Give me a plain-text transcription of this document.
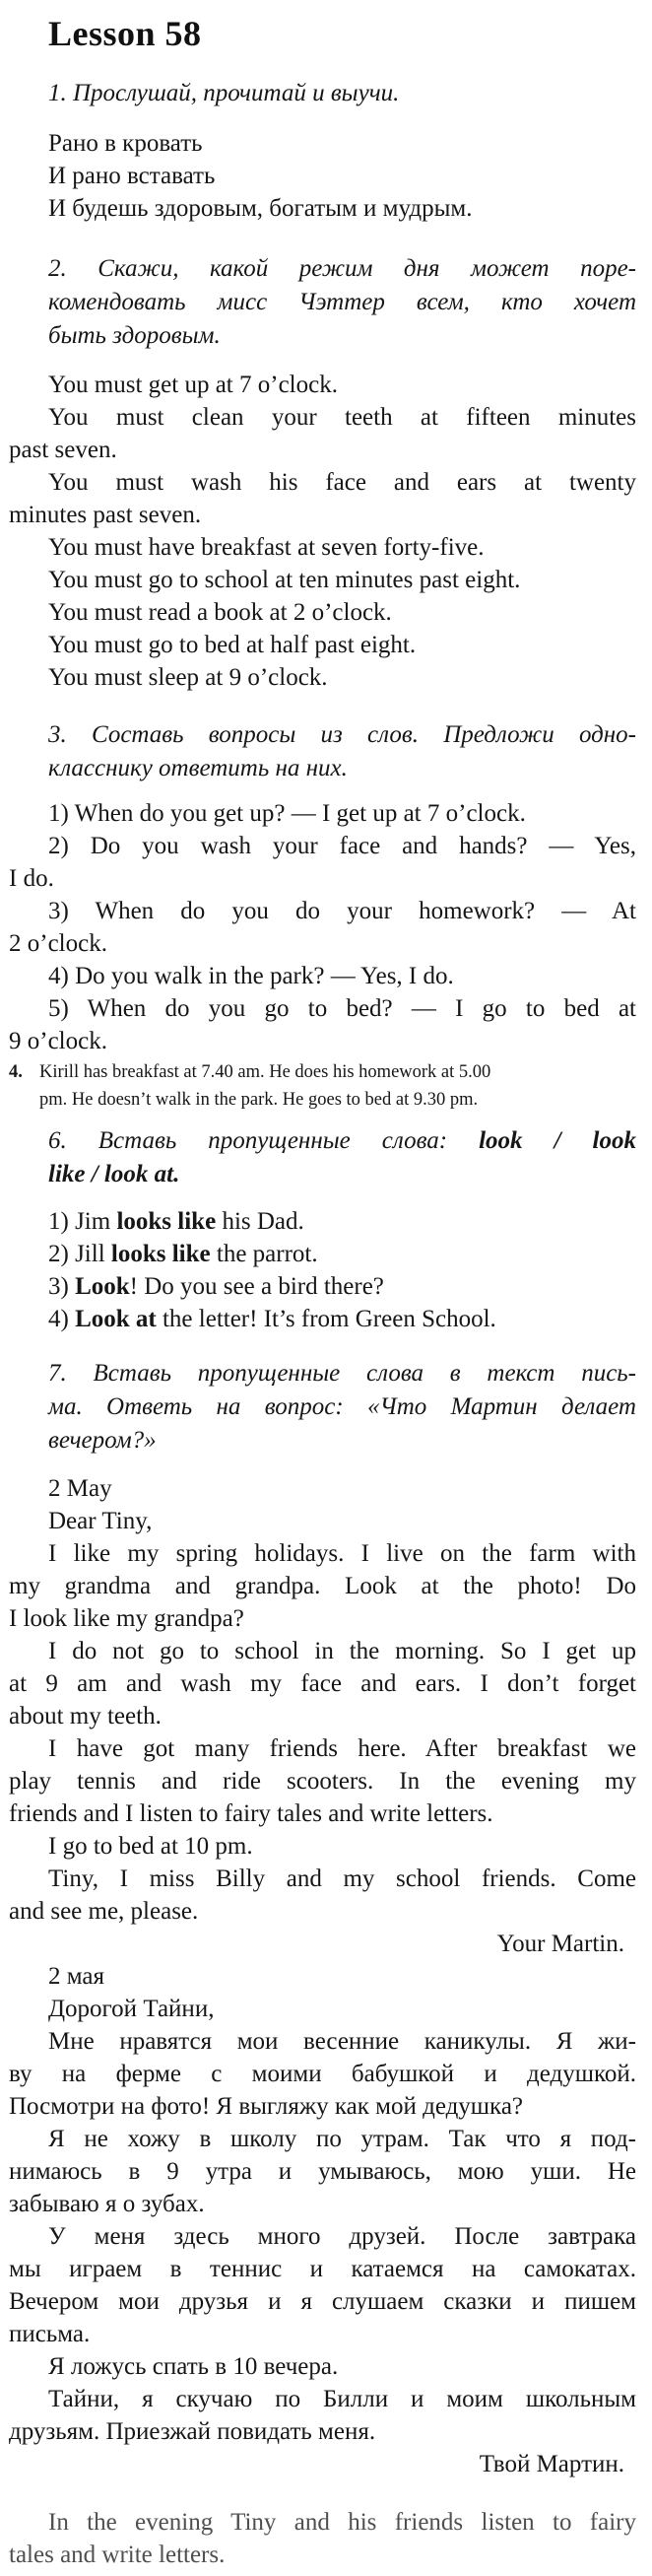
Lesson 58
1. Прослушай, прочитай и выучи.
Рано в кровать
И рано вставать
И будешь здоровым, богатым и мудрым.
2. Скажи, какой режим дня может поре-
комендовать мисс Чэттер всем, кто хочет
быть здоровым.
You must get up at 7 o’clock.
You must clean your teeth at fifteen minutes
past seven.
You must wash his face and ears at twenty
minutes past seven.
You must have breakfast at seven forty-five.
You must go to school at ten minutes past eight.
You must read a book at 2 o’clock.
You must go to bed at half past eight.
You must sleep at 9 o’clock.
3. Составь вопросы из слов. Предложи одно-
класснику ответить на них.
1) When do you get up? — I get up at 7 o’clock.
2) Do you wash your face and hands? — Yes,
I do.
3) When do you do your homework? — At
2 o’clock.
4) Do you walk in the park? — Yes, I do.
5) When do you go to bed? — I go to bed at
9 o’clock.
4. Kirill has breakfast at 7.40 am. He does his homework at 5.00
pm. He doesn’t walk in the park. He goes to bed at 9.30 pm.
6. Вставь пропущенные слова: look / look
like / look at.
1) Jim looks like his Dad.
2) Jill looks like the parrot.
3) Look! Do you see a bird there?
4) Look at the letter! It’s from Green School.
7. Вставь пропущенные слова в текст пись-
ма. Ответь на вопрос: «Что Мартин делает
вечером?»
2 May
Dear Tiny,
I like my spring holidays. I live on the farm with
my grandma and grandpa. Look at the photo! Do
I look like my grandpa?
I do not go to school in the morning. So I get up
at 9 am and wash my face and ears. I don’t forget
about my teeth.
I have got many friends here. After breakfast we
play tennis and ride scooters. In the evening my
friends and I listen to fairy tales and write letters.
I go to bed at 10 pm.
Tiny, I miss Billy and my school friends. Come
and see me, please.
Your Martin.
2 мая
Дорогой Тайни,
Мне нравятся мои весенние каникулы. Я жи-
ву на ферме с моими бабушкой и дедушкой.
Посмотри на фото! Я выгляжу как мой дедушка?
Я не хожу в школу по утрам. Так что я под-
нимаюсь в 9 утра и умываюсь, мою уши. Не
забываю я о зубах.
У меня здесь много друзей. После завтрака
мы играем в теннис и катаемся на самокатах.
Вечером мои друзья и я слушаем сказки и пишем
письма.
Я ложусь спать в 10 вечера.
Тайни, я скучаю по Билли и моим школьным
друзьям. Приезжай повидать меня.
Твой Мартин.
In the evening Tiny and his friends listen to fairy
tales and write letters.
